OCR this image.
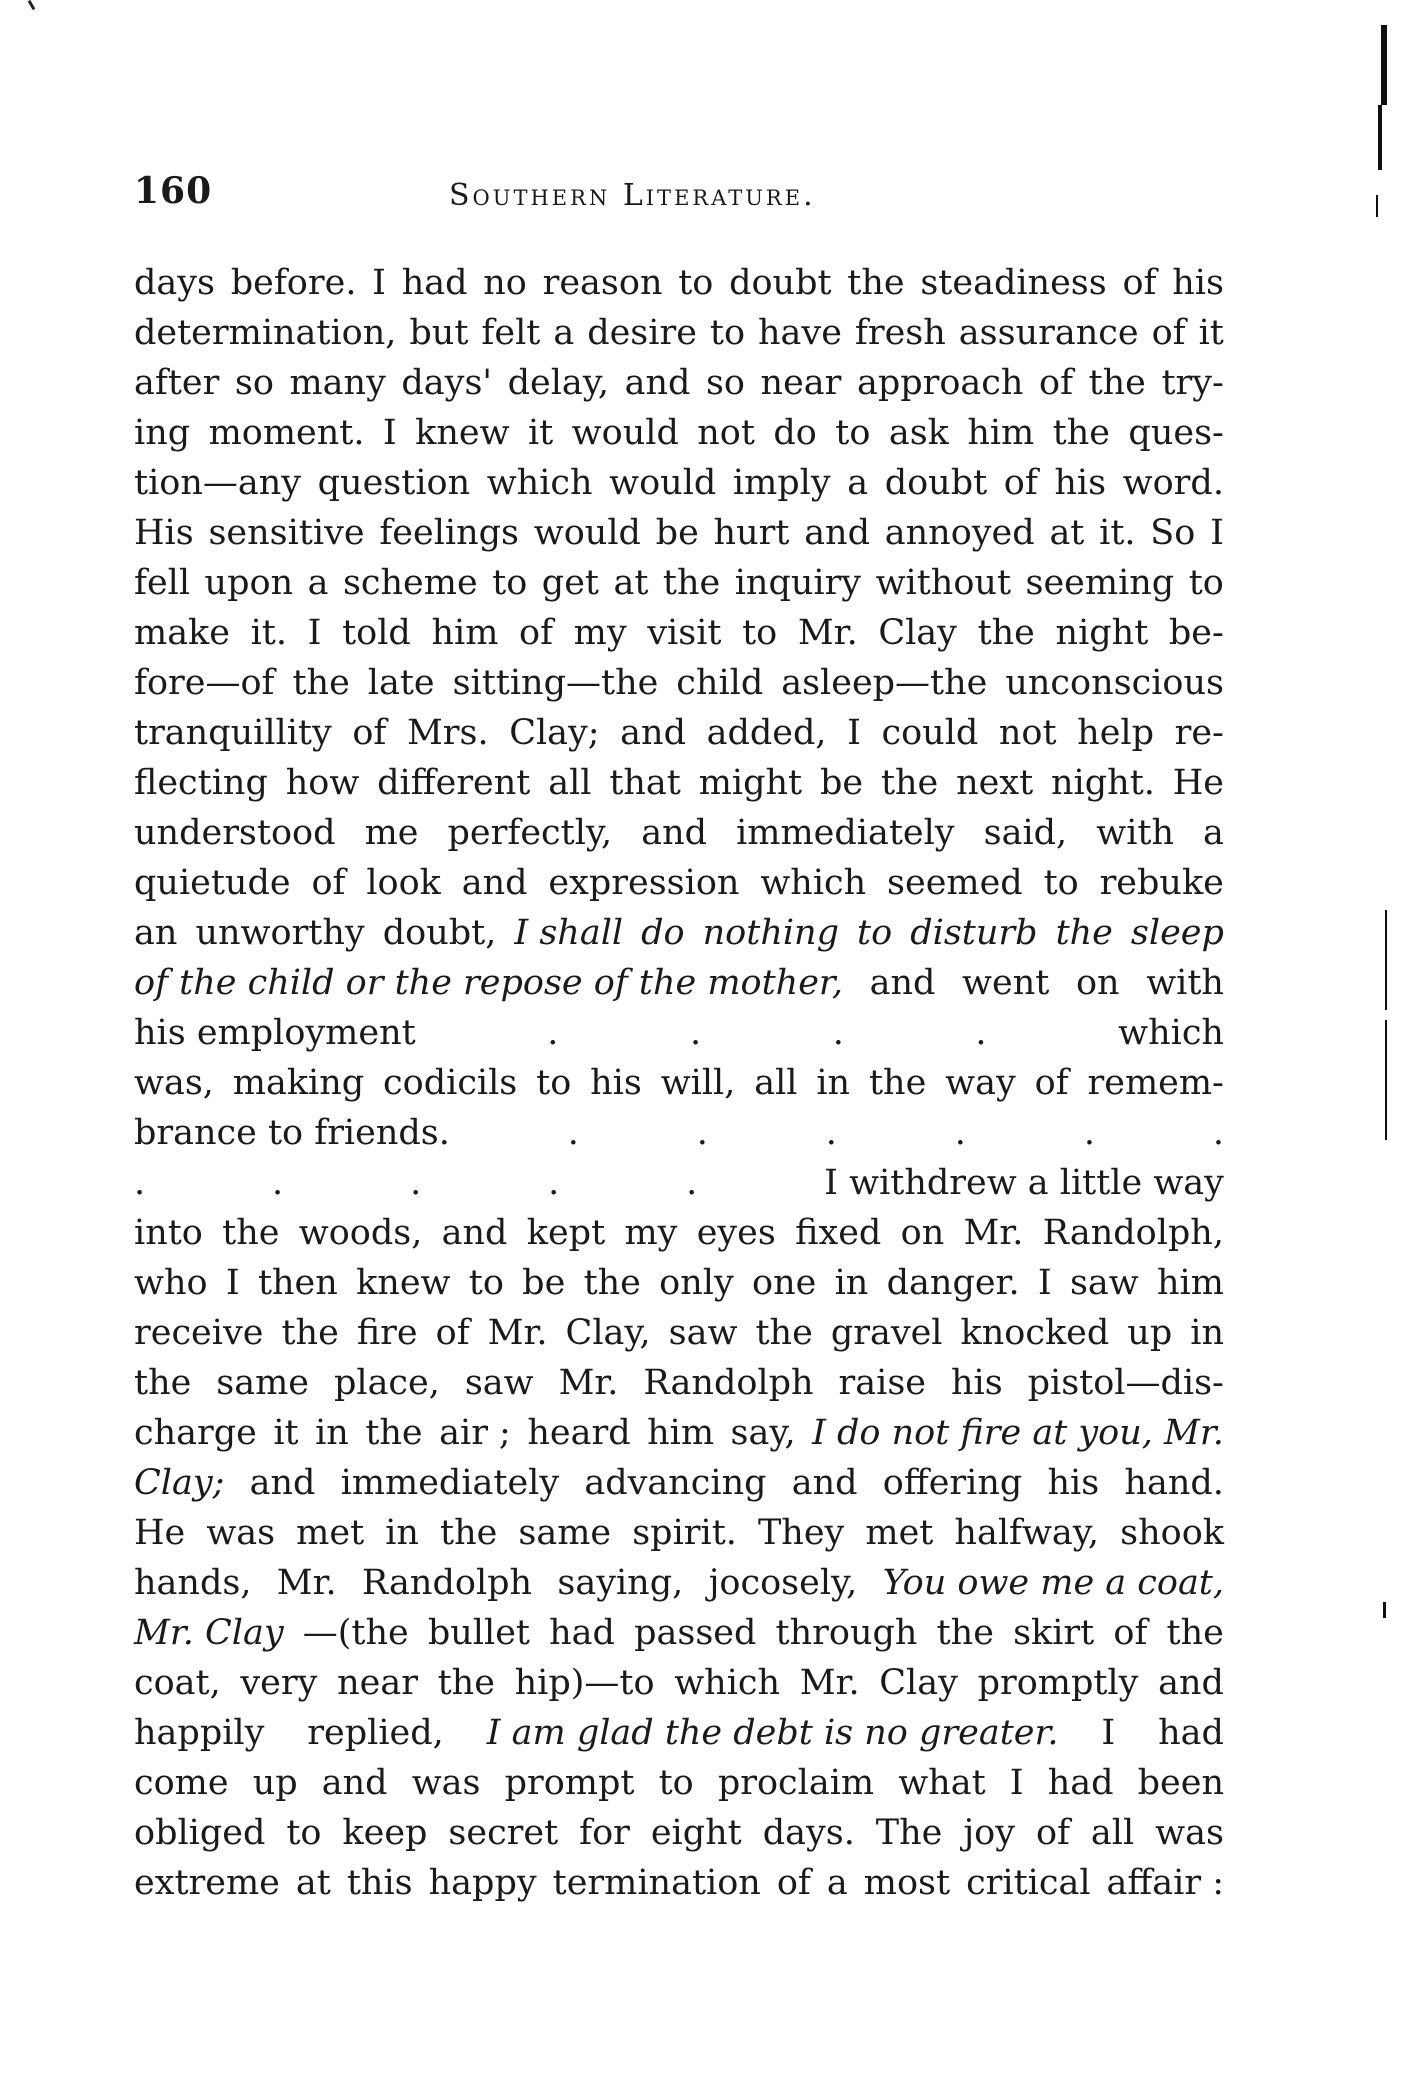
160	Southern Literature.
days before. I had no reason to doubt the steadiness of his
determination, but felt a desire to have fresh assurance of it
after so many days' delay, and so near approach of the try-
ing moment. I knew it would not do to ask him the ques-
tion—any question which would imply a doubt of his word.
His sensitive feelings would be hurt and annoyed at it. So I
fell upon a scheme to get at the inquiry without seeming to
make it. I told him of my visit to Mr. Clay the night be-
fore—of the late sitting—the child asleep—the unconscious
tranquillity of Mrs. Clay; and added, I could not help re-
flecting how different all that might be the next night. He
understood me perfectly, and immediately said, with a
quietude of look and expression which seemed to rebuke
an unworthy doubt, I shall do nothing to disturb the sleep
of the child or the repose of the mother, and went on with
his employment	.	.	.	.	which
was, making codicils to his will, all in the way of remem-
brance to friends.	.	.	.	.	.	.
.	.	.	.	.	I withdrew a little way
into the woods, and kept my eyes fixed on Mr. Randolph,
who I then knew to be the only one in danger. I saw him
receive the fire of Mr. Clay, saw the gravel knocked up in
the same place, saw Mr. Randolph raise his pistol—dis-
charge it in the air ; heard him say, I do not fire at you, Mr.
Clay; and immediately advancing and offering his hand.
He was met in the same spirit. They met halfway, shook
hands, Mr. Randolph saying, jocosely, You owe me a coat,
Mr. Clay —(the bullet had passed through the skirt of the
coat, very near the hip)—to which Mr. Clay promptly and
happily replied, I am glad the debt is no greater. I had
come up and was prompt to proclaim what I had been
obliged to keep secret for eight days. The joy of all was
extreme at this happy termination of a most critical affair :
